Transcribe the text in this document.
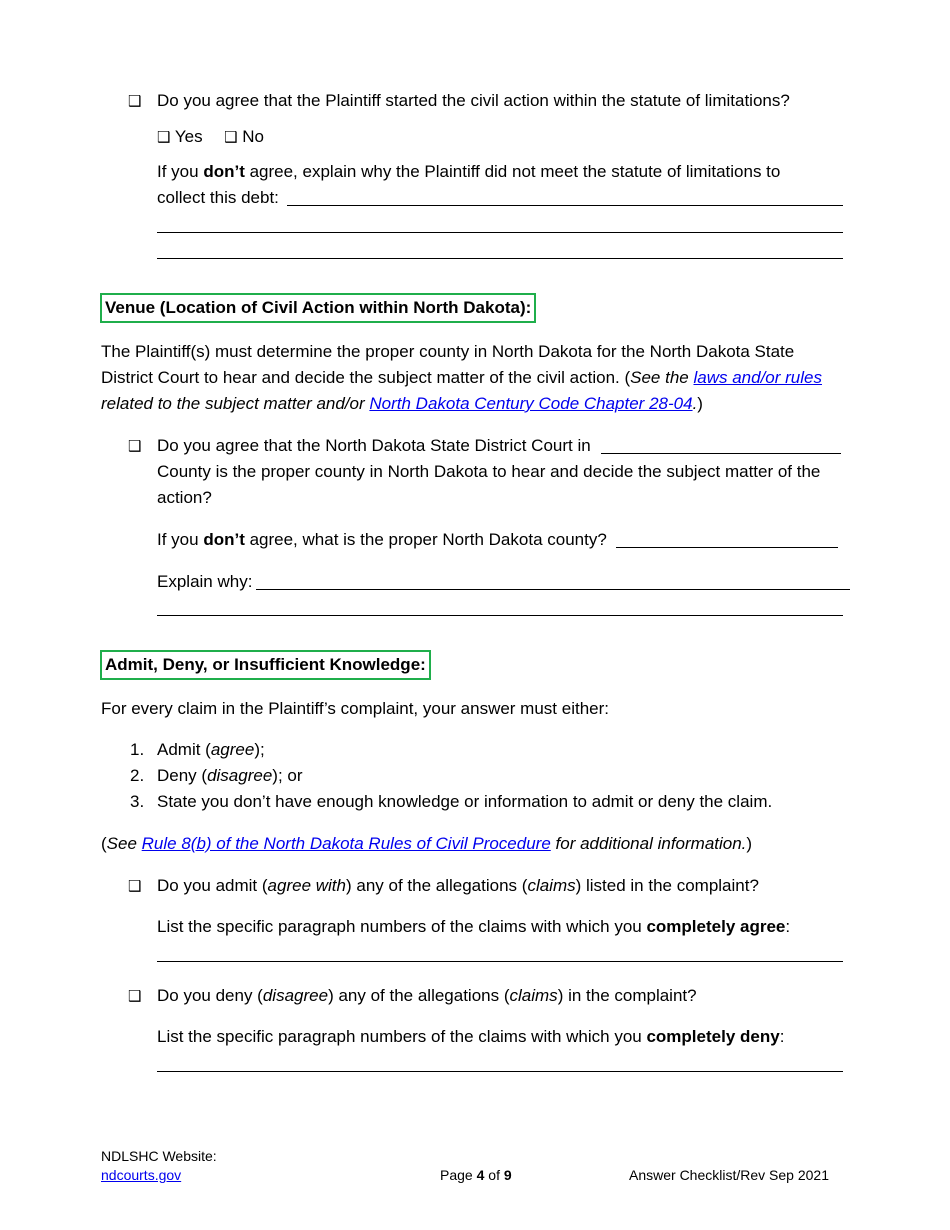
❑ Do you agree that the Plaintiff started the civil action within the statute of limitations?
❑ Yes ❑ No
If you don’t agree, explain why the Plaintiff did not meet the statute of limitations to
collect this debt:
Venue (Location of Civil Action within North Dakota):
The Plaintiff(s) must determine the proper county in North Dakota for the North Dakota State
District Court to hear and decide the subject matter of the civil action. (See the laws and/or rules
related to the subject matter and/or North Dakota Century Code Chapter 28-04.)
❑ Do you agree that the North Dakota State District Court in
County is the proper county in North Dakota to hear and decide the subject matter of the
action?
If you don’t agree, what is the proper North Dakota county?
Explain why:
Admit, Deny, or Insufficient Knowledge:
For every claim in the Plaintiff’s complaint, your answer must either:
1. Admit (agree);
2. Deny (disagree); or
3. State you don’t have enough knowledge or information to admit or deny the claim.
(See Rule 8(b) of the North Dakota Rules of Civil Procedure for additional information.)
❑ Do you admit (agree with) any of the allegations (claims) listed in the complaint?
List the specific paragraph numbers of the claims with which you completely agree:
❑ Do you deny (disagree) any of the allegations (claims) in the complaint?
List the specific paragraph numbers of the claims with which you completely deny:
NDLSHC Website:
ndcourts.gov	Page 4 of 9	Answer Checklist/Rev Sep 2021
